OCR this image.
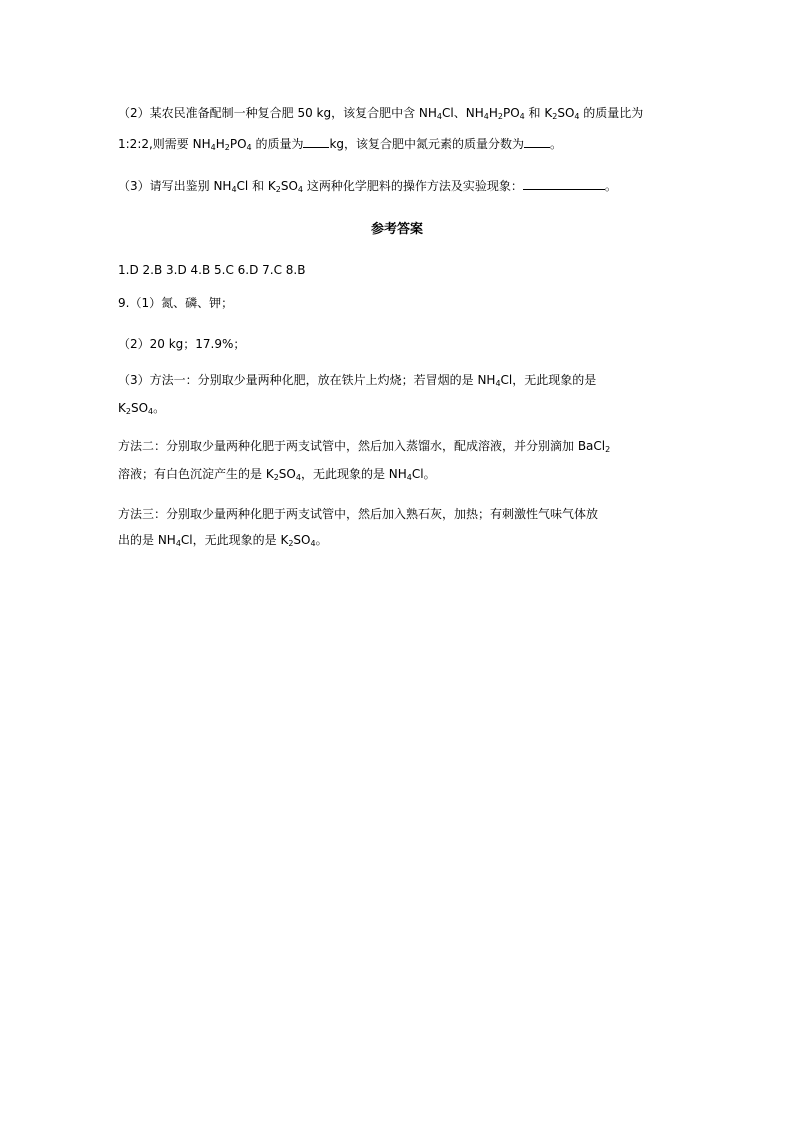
（2）某农民准备配制一种复合肥 50 kg，该复合肥中含 $NH_4Cl$、$NH_4H_2PO_4$ 和 $K_2SO_4$ 的质量比为
1:2:2,则需要 $NH_4H_2PO_4$ 的质量为 kg，该复合肥中氮元素的质量分数为 。
（3）请写出鉴别 $NH_4Cl$ 和 $K_2SO_4$ 这两种化学肥料的操作方法及实验现象：	。
参考答案
1.D 2.B 3.D 4.B 5.C 6.D 7.C 8.B
9.（1）氮、磷、钾；
（2）20 kg；17.9%；
（3）方法一：分别取少量两种化肥，放在铁片上灼烧；若冒烟的是 $NH_4Cl$，无此现象的是
$K_2SO_4$。
方法二：分别取少量两种化肥于两支试管中，然后加入蒸馏水，配成溶液，并分别滴加 BaCl$_2$
溶液；有白色沉淀产生的是 $K_2SO_4$，无此现象的是 $NH_4Cl$。
方法三：分别取少量两种化肥于两支试管中，然后加入熟石灰，加热；有刺激性气味气体放
出的是 $NH_4Cl$，无此现象的是 $K_2SO_4$。
